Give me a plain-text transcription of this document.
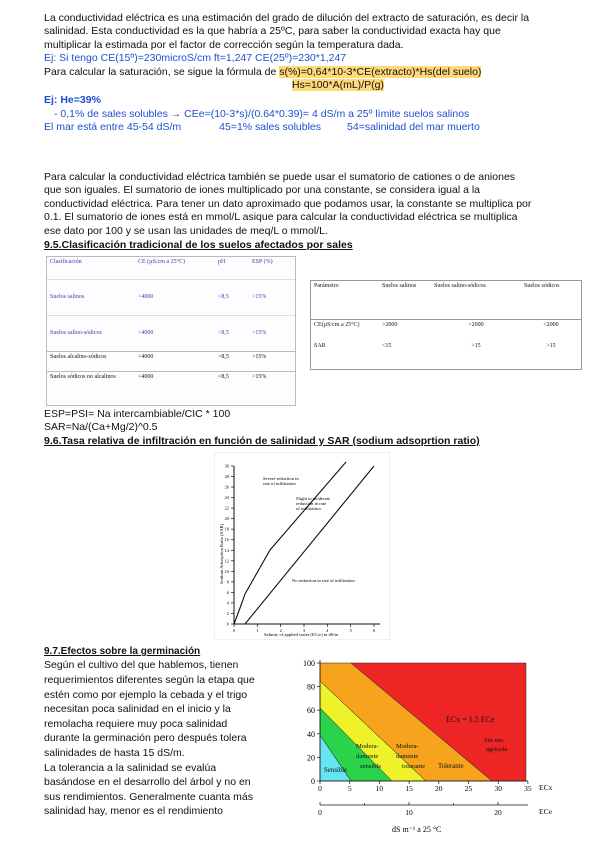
La conductividad eléctrica es una estimación del grado de dilución del extracto de saturación, es decir la

salinidad. Esta conductividad es la que habría a 25ºC, para saber la conductividad exacta hay que

multiplicar la estimada por el factor de corrección según la temperatura dada.

Ej: Si tengo CE(15º)=230microS/cm ft=1,247 CE(25º)=230*1,247

Para calcular la saturación, se sigue la fórmula de s(%)=0,64*10-3*CE(extracto)*Hs(del suelo)

Hs=100*A(mL)/P(g)

Ej: He=39%

- 0,1% de sales solubles → CEe=(10-3*s)/(0.64*0.39)= 4 dS/m a 25º límite suelos salinos

El mar está entre 45-54 dS/m	45=1% sales solubles 54=salinidad del mar muerto

Para calcular la conductividad eléctrica también se puede usar el sumatorio de cationes o de aniones

que son iguales. El sumatorio de iones multiplicado por una constante, se considera igual a la

conductividad eléctrica. Para tener un dato aproximado que podamos usar, la constante se multiplica por

0.1. El sumatorio de iones está en mmol/L asique para calcular la conductividad eléctrica se multiplica

ese dato por 100 y se usan las unidades de meq/L o mmol/L.

9.5.Clasificación tradicional de los suelos afectados por sales

Clasificación	CE (µS/cm a 25°C)	pH	ESP (%)
Suelos salinos	>4000	<8,5	<15%
Suelos salino-sódicos	>4000	<8,5	>15%
Suelos alcalino-sódicos	<4000	>8,5	>15%
Suelos sódicos no alcalinos	<4000	<8,5	>15%
Parámetro	Suelos salinos	Suelos salino-sódicos	Suelos sódicos
CE(µS/cm a 25°C)	>2000	>2000	<2000
SAR	<15	>15	>15

ESP=PSI= Na intercambiable/CIC * 100

SAR=Na/(Ca+Mg/2)^0.5

9.6.Tasa relativa de infiltración en función de salinidad y SAR (sodium adsoprtion ratio)

0
2
4
6
8
10
12
14
16
18
20
22
24
26
28
30
0	1	2	3	4	5	6
Severe reduction in rate of infiltration
Slight to moderate reduction in rate of infiltration
No reduction in rate of infiltration
Sodium Adsorption Ratio (SAR)
Salinity of applied water (ECw) in dS/m

9.7.Efectos sobre la germinación

Según el cultivo del que hablemos, tienen

requerimientos diferentes según la etapa que

estén como por ejemplo la cebada y el trigo

necesitan poca salinidad en el inicio y la

remolacha requiere muy poca salinidad

durante la germinación pero después tolera

salinidades de hasta 15 dS/m.

La tolerancia a la salinidad se evalúa

basándose en el desarrollo del árbol y no en

sus rendimientos. Generalmente cuanta más

salinidad hay, menor es el rendimiento

0
20
40
60
80
100
0	5	10	15	20	25	30	35
0	10	20
ECx = 1.5 ECe
Sensible
Modera-damente sensible
Modera-damente tolerante Tolerante
Sin uso agrícola
ECx
ECe
dS m⁻¹ a 25 °C
